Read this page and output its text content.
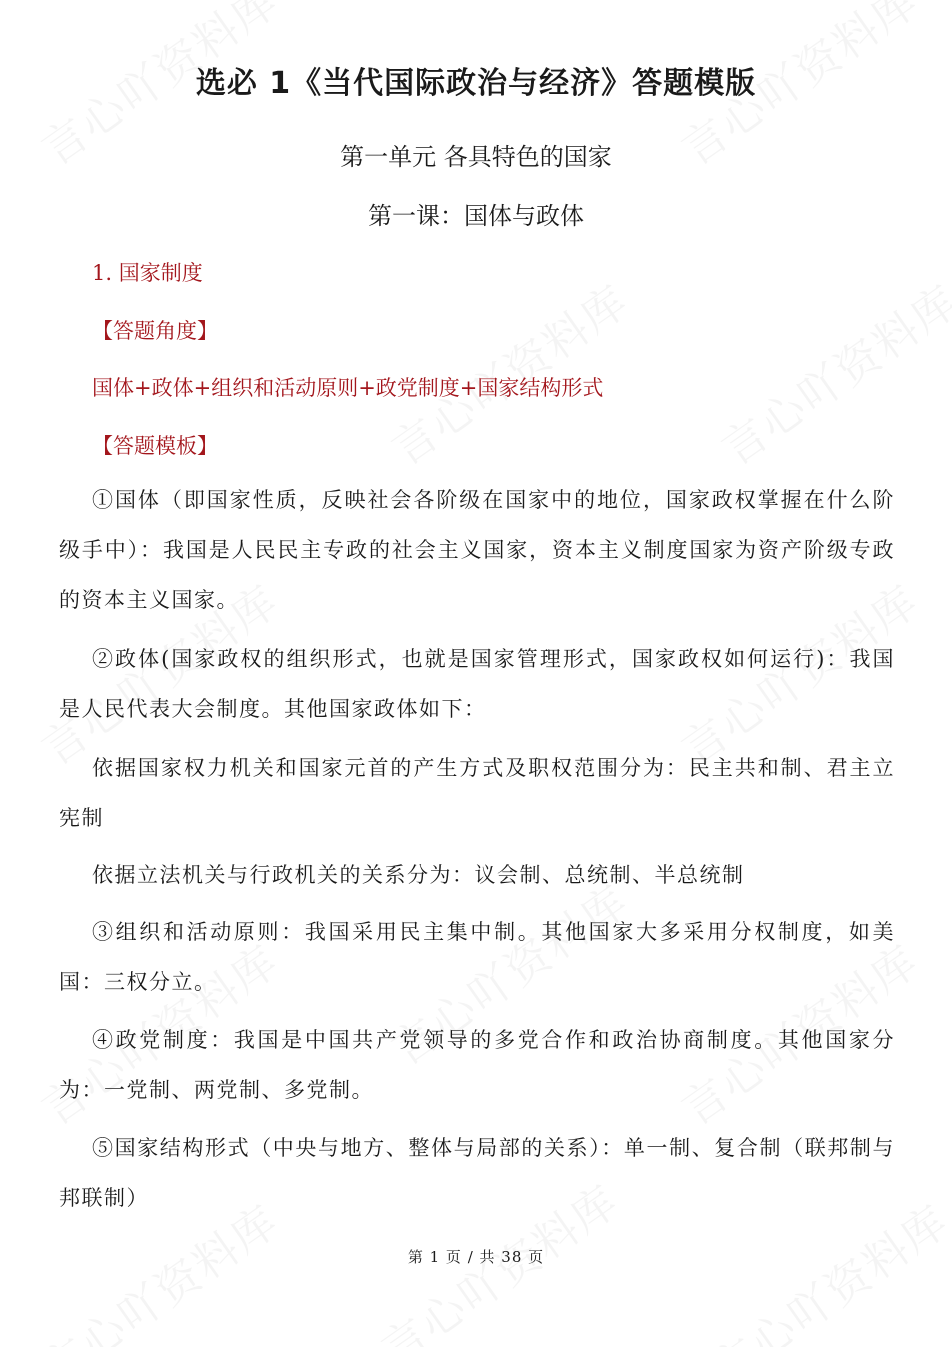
选必 1《当代国际政治与经济》答题模版
第一单元 各具特色的国家
第一课：国体与政体

1. 国家制度

【答题角度】

国体+政体+组织和活动原则+政党制度+国家结构形式

【答题模板】

①国体（即国家性质，反映社会各阶级在国家中的地位，国家政权掌握在什么阶级手中）：我国是人民民主专政的社会主义国家，资本主义制度国家为资产阶级专政的资本主义国家。

②政体(国家政权的组织形式，也就是国家管理形式，国家政权如何运行)：我国是人民代表大会制度。其他国家政体如下：

依据国家权力机关和国家元首的产生方式及职权范围分为：民主共和制、君主立宪制

依据立法机关与行政机关的关系分为：议会制、总统制、半总统制

③组织和活动原则：我国采用民主集中制。其他国家大多采用分权制度，如美国：三权分立。

④政党制度：我国是中国共产党领导的多党合作和政治协商制度。其他国家分为：一党制、两党制、多党制。

⑤国家结构形式（中央与地方、整体与局部的关系）：单一制、复合制（联邦制与邦联制）

第 1 页 / 共 38 页
